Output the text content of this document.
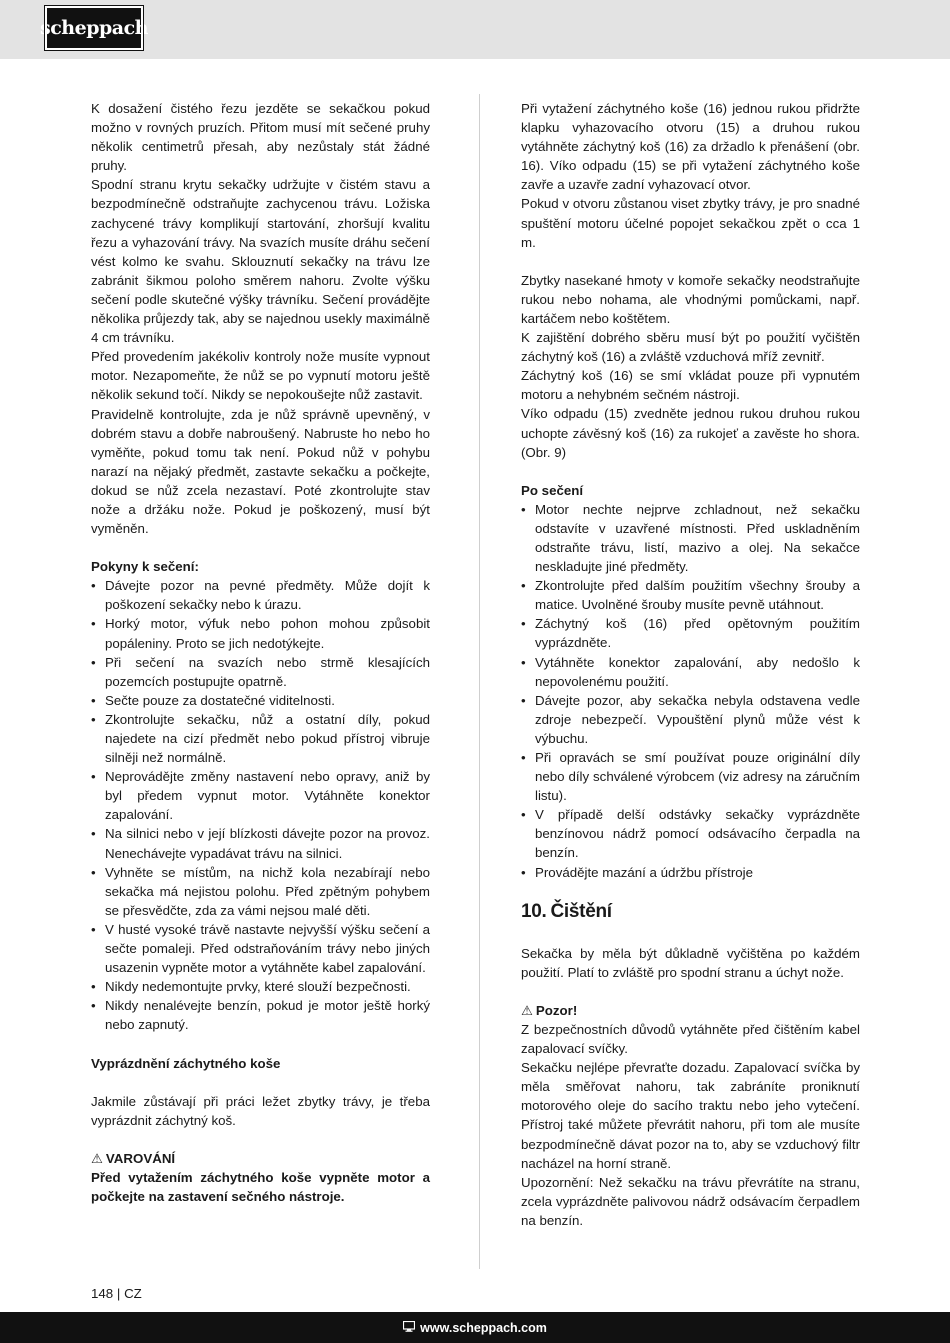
scheppach

K dosažení čistého řezu jezděte se sekačkou pokud možno v rovných pruzích. Přitom musí mít sečené pruhy několik centimetrů přesah, aby nezůstaly stát žádné pruhy.

Spodní stranu krytu sekačky udržujte v čistém stavu a bezpodmínečně odstraňujte zachycenou trávu. Ložiska zachycené trávy komplikují startování, zhoršují kvalitu řezu a vyhazování trávy. Na svazích musíte dráhu sečení vést kolmo ke svahu. Sklouznutí sekačky na trávu lze zabránit šikmou poloho směrem nahoru. Zvolte výšku sečení podle skutečné výšky trávníku. Sečení provádějte několika průjezdy tak, aby se najednou usekly maximálně 4 cm trávníku.

Před provedením jakékoliv kontroly nože musíte vypnout motor. Nezapomeňte, že nůž se po vypnutí motoru ještě několik sekund točí. Nikdy se nepokoušejte nůž zastavit.

Pravidelně kontrolujte, zda je nůž správně upevněný, v dobrém stavu a dobře nabroušený. Nabruste ho nebo ho vyměňte, pokud tomu tak není. Pokud nůž v pohybu narazí na nějaký předmět, zastavte sekačku a počkejte, dokud se nůž zcela nezastaví. Poté zkontrolujte stav nože a držáku nože. Pokud je poškozený, musí být vyměněn.

Pokyny k sečení:

• Dávejte pozor na pevné předměty. Může dojít k poškození sekačky nebo k úrazu.
• Horký motor, výfuk nebo pohon mohou způsobit popáleniny. Proto se jich nedotýkejte.
• Při sečení na svazích nebo strmě klesajících pozemcích postupujte opatrně.
• Sečte pouze za dostatečné viditelnosti.
• Zkontrolujte sekačku, nůž a ostatní díly, pokud najedete na cizí předmět nebo pokud přístroj vibruje silněji než normálně.
• Neprovádějte změny nastavení nebo opravy, aniž by byl předem vypnut motor. Vytáhněte konektor zapalování.
• Na silnici nebo v její blízkosti dávejte pozor na provoz. Nenechávejte vypadávat trávu na silnici.
• Vyhněte se místům, na nichž kola nezabírají nebo sekačka má nejistou polohu. Před zpětným pohybem se přesvědčte, zda za vámi nejsou malé děti.
• V husté vysoké trávě nastavte nejvyšší výšku sečení a sečte pomaleji. Před odstraňováním trávy nebo jiných usazenin vypněte motor a vytáhněte kabel zapalování.
• Nikdy nedemontujte prvky, které slouží bezpečnosti.
• Nikdy nenalévejte benzín, pokud je motor ještě horký nebo zapnutý.

Vyprázdnění záchytného koše

Jakmile zůstávají při práci ležet zbytky trávy, je třeba vyprázdnit záchytný koš.

⚠ VAROVÁNÍ

Před vytažením záchytného koše vypněte motor a počkejte na zastavení sečného nástroje.

Při vytažení záchytného koše (16) jednou rukou přidržte klapku vyhazovacího otvoru (15) a druhou rukou vytáhněte záchytný koš (16) za držadlo k přenášení (obr. 16). Víko odpadu (15) se při vytažení záchytného koše zavře a uzavře zadní vyhazovací otvor.

Pokud v otvoru zůstanou viset zbytky trávy, je pro snadné spuštění motoru účelné popojet sekačkou zpět o cca 1 m.

Zbytky nasekané hmoty v komoře sekačky neodstraňujte rukou nebo nohama, ale vhodnými pomůckami, např. kartáčem nebo koštětem.

K zajištění dobrého sběru musí být po použití vyčištěn záchytný koš (16) a zvláště vzduchová mříž zevnitř.

Záchytný koš (16) se smí vkládat pouze při vypnutém motoru a nehybném sečném nástroji.

Víko odpadu (15) zvedněte jednou rukou druhou rukou uchopte závěsný koš (16) za rukojeť a zavěste ho shora. (Obr. 9)

Po sečení

• Motor nechte nejprve zchladnout, než sekačku odstavíte v uzavřené místnosti. Před uskladněním odstraňte trávu, listí, mazivo a olej. Na sekačce neskladujte jiné předměty.
• Zkontrolujte před dalším použitím všechny šrouby a matice. Uvolněné šrouby musíte pevně utáhnout.
• Záchytný koš (16) před opětovným použitím vyprázdněte.
• Vytáhněte konektor zapalování, aby nedošlo k nepovolenému použití.
• Dávejte pozor, aby sekačka nebyla odstavena vedle zdroje nebezpečí. Vypouštění plynů může vést k výbuchu.
• Při opravách se smí používat pouze originální díly nebo díly schválené výrobcem (viz adresy na záručním listu).
• V případě delší odstávky sekačky vyprázdněte benzínovou nádrž pomocí odsávacího čerpadla na benzín.
• Provádějte mazání a údržbu přístroje
10. Čištění

Sekačka by měla být důkladně vyčištěna po každém použití. Platí to zvláště pro spodní stranu a úchyt nože.

⚠ Pozor!

Z bezpečnostních důvodů vytáhněte před čištěním kabel zapalovací svíčky.

Sekačku nejlépe převraťte dozadu. Zapalovací svíčka by měla směřovat nahoru, tak zabráníte proniknutí motorového oleje do sacího traktu nebo jeho vytečení. Přístroj také můžete převrátit nahoru, při tom ale musíte bezpodmínečně dávat pozor na to, aby se vzduchový filtr nacházel na horní straně.

Upozornění: Než sekačku na trávu převrátíte na stranu, zcela vyprázdněte palivovou nádrž odsávacím čerpadlem na benzín.

148 | CZ
www.scheppach.com
